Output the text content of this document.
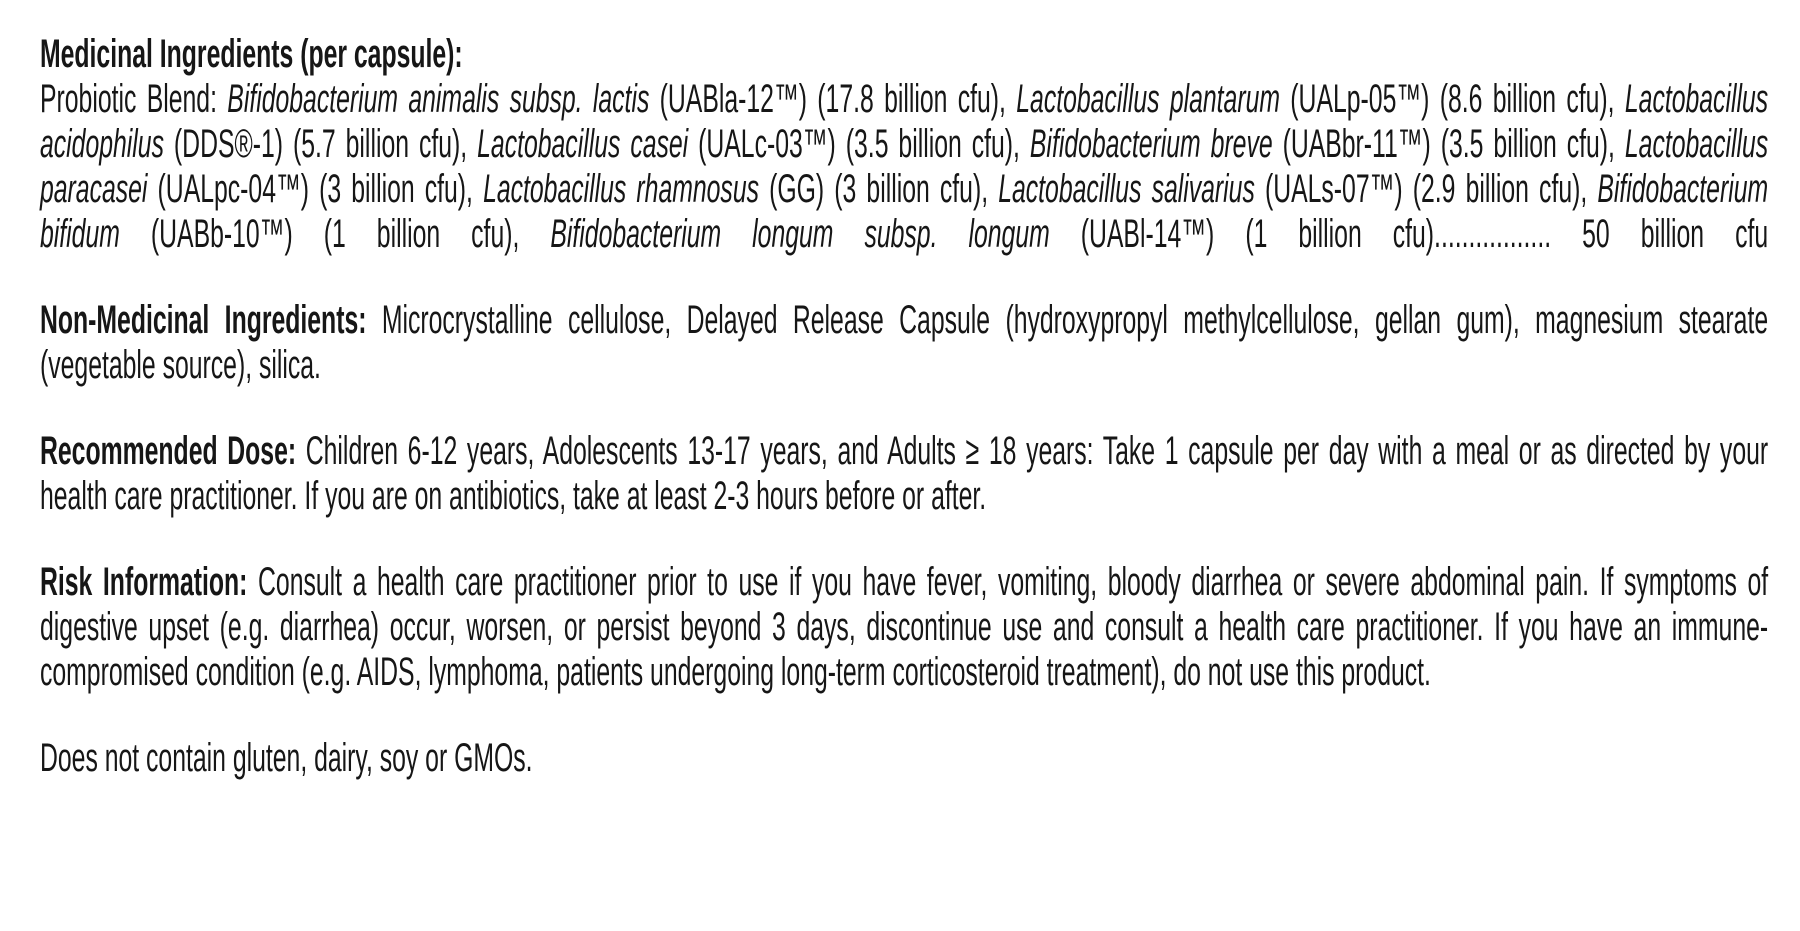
Medicinal Ingredients (per capsule):

Probiotic Blend: Bifidobacterium animalis subsp. lactis (UABla-12™) (17.8 billion cfu), Lactobacillus plantarum (UALp-05™) (8.6 billion cfu), Lactobacillus acidophilus (DDS®-1) (5.7 billion cfu), Lactobacillus casei (UALc-03™) (3.5 billion cfu), Bifidobacterium breve (UABbr-11™) (3.5 billion cfu), Lactobacillus paracasei (UALpc-04™) (3 billion cfu), Lactobacillus rhamnosus (GG) (3 billion cfu), Lactobacillus salivarius (UALs-07™) (2.9 billion cfu), Bifidobacterium bifidum (UABb-10™) (1 billion cfu), Bifidobacterium longum subsp. longum (UABl-14™) (1 billion cfu)................. 50 billion cfu

Non-Medicinal Ingredients: Microcrystalline cellulose, Delayed Release Capsule (hydroxypropyl methylcellulose, gellan gum), magnesium stearate (vegetable source), silica.

Recommended Dose: Children 6-12 years, Adolescents 13-17 years, and Adults ≥ 18 years: Take 1 capsule per day with a meal or as directed by your health care practitioner. If you are on antibiotics, take at least 2-3 hours before or after.

Risk Information: Consult a health care practitioner prior to use if you have fever, vomiting, bloody diarrhea or severe abdominal pain. If symptoms of digestive upset (e.g. diarrhea) occur, worsen, or persist beyond 3 days, discontinue use and consult a health care practitioner. If you have an immune-compromised condition (e.g. AIDS, lymphoma, patients undergoing long-term corticosteroid treatment), do not use this product.

Does not contain gluten, dairy, soy or GMOs.
